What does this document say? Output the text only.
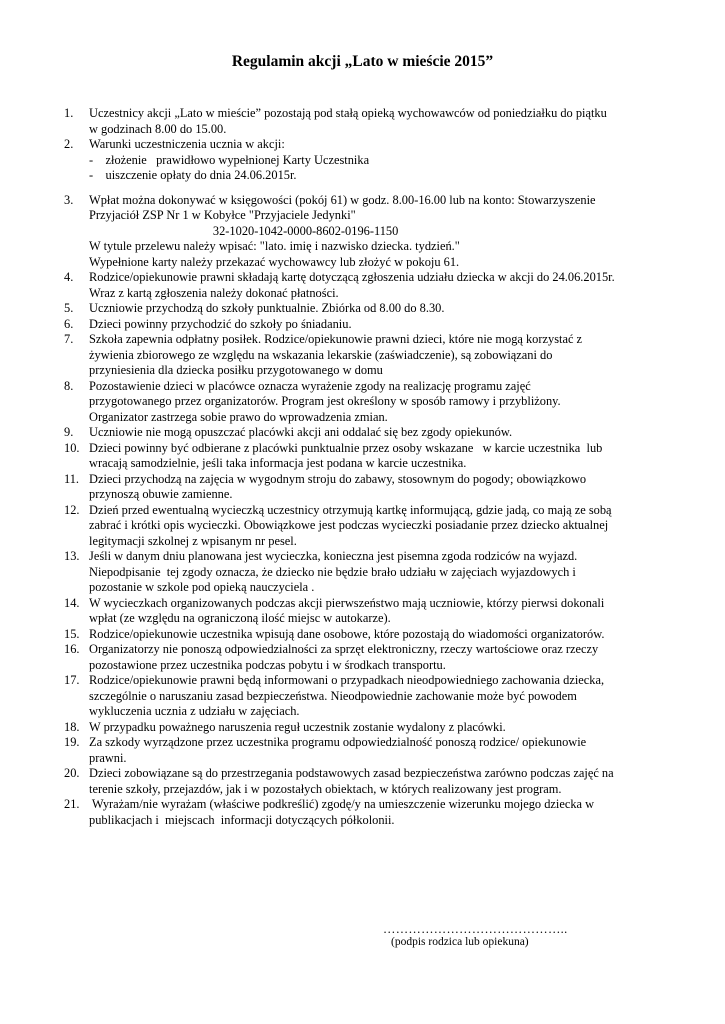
Regulamin akcji „Lato w mieście 2015”
1.	Uczestnicy akcji „Lato w mieście” pozostają pod stałą opieką wychowawców od poniedziałku do piątku
w godzinach 8.00 do 15.00.
2.	Warunki uczestniczenia ucznia w akcji:
-    złożenie   prawidłowo wypełnionej Karty Uczestnika
-    uiszczenie opłaty do dnia 24.06.2015r.
3.	Wpłat można dokonywać w księgowości (pokój 61) w godz. 8.00-16.00 lub na konto: Stowarzyszenie
Przyjaciół ZSP Nr 1 w Kobyłce "Przyjaciele Jedynki"
32-1020-1042-0000-8602-0196-1150
W tytule przelewu należy wpisać: "lato. imię i nazwisko dziecka. tydzień."
Wypełnione karty należy przekazać wychowawcy lub złożyć w pokoju 61.
4.	Rodzice/opiekunowie prawni składają kartę dotyczącą zgłoszenia udziału dziecka w akcji do 24.06.2015r.
Wraz z kartą zgłoszenia należy dokonać płatności.
5.	Uczniowie przychodzą do szkoły punktualnie. Zbiórka od 8.00 do 8.30.
6.	Dzieci powinny przychodzić do szkoły po śniadaniu.
7.	Szkoła zapewnia odpłatny posiłek. Rodzice/opiekunowie prawni dzieci, które nie mogą korzystać z
żywienia zbiorowego ze względu na wskazania lekarskie (zaświadczenie), są zobowiązani do
przyniesienia dla dziecka posiłku przygotowanego w domu
8.	Pozostawienie dzieci w placówce oznacza wyrażenie zgody na realizację programu zajęć
przygotowanego przez organizatorów. Program jest określony w sposób ramowy i przybliżony.
Organizator zastrzega sobie prawo do wprowadzenia zmian.
9.	Uczniowie nie mogą opuszczać placówki akcji ani oddalać się bez zgody opiekunów.
10. Dzieci powinny być odbierane z placówki punktualnie przez osoby wskazane   w karcie uczestnika  lub
wracają samodzielnie, jeśli taka informacja jest podana w karcie uczestnika.
11. Dzieci przychodzą na zajęcia w wygodnym stroju do zabawy, stosownym do pogody; obowiązkowo
przynoszą obuwie zamienne.
12. Dzień przed ewentualną wycieczką uczestnicy otrzymują kartkę informującą, gdzie jadą, co mają ze sobą
zabrać i krótki opis wycieczki. Obowiązkowe jest podczas wycieczki posiadanie przez dziecko aktualnej
legitymacji szkolnej z wpisanym nr pesel.
13. Jeśli w danym dniu planowana jest wycieczka, konieczna jest pisemna zgoda rodziców na wyjazd.
Niepodpisanie  tej zgody oznacza, że dziecko nie będzie brało udziału w zajęciach wyjazdowych i
pozostanie w szkole pod opieką nauczyciela .
14. W wycieczkach organizowanych podczas akcji pierwszeństwo mają uczniowie, którzy pierwsi dokonali
wpłat (ze względu na ograniczoną ilość miejsc w autokarze).
15. Rodzice/opiekunowie uczestnika wpisują dane osobowe, które pozostają do wiadomości organizatorów.
16. Organizatorzy nie ponoszą odpowiedzialności za sprzęt elektroniczny, rzeczy wartościowe oraz rzeczy
pozostawione przez uczestnika podczas pobytu i w środkach transportu.
17. Rodzice/opiekunowie prawni będą informowani o przypadkach nieodpowiedniego zachowania dziecka,
szczególnie o naruszaniu zasad bezpieczeństwa. Nieodpowiednie zachowanie może być powodem
wykluczenia ucznia z udziału w zajęciach.
18. W przypadku poważnego naruszenia reguł uczestnik zostanie wydalony z placówki.
19. Za szkody wyrządzone przez uczestnika programu odpowiedzialność ponoszą rodzice/ opiekunowie
prawni.
20. Dzieci zobowiązane są do przestrzegania podstawowych zasad bezpieczeństwa zarówno podczas zajęć na
terenie szkoły, przejazdów, jak i w pozostałych obiektach, w których realizowany jest program.
21. Wyrażam/nie wyrażam (właściwe podkreślić) zgodę/y na umieszczenie wizerunku mojego dziecka w
publikacjach i  miejscach  informacji dotyczących półkolonii.
……………………………………..
(podpis rodzica lub opiekuna)
